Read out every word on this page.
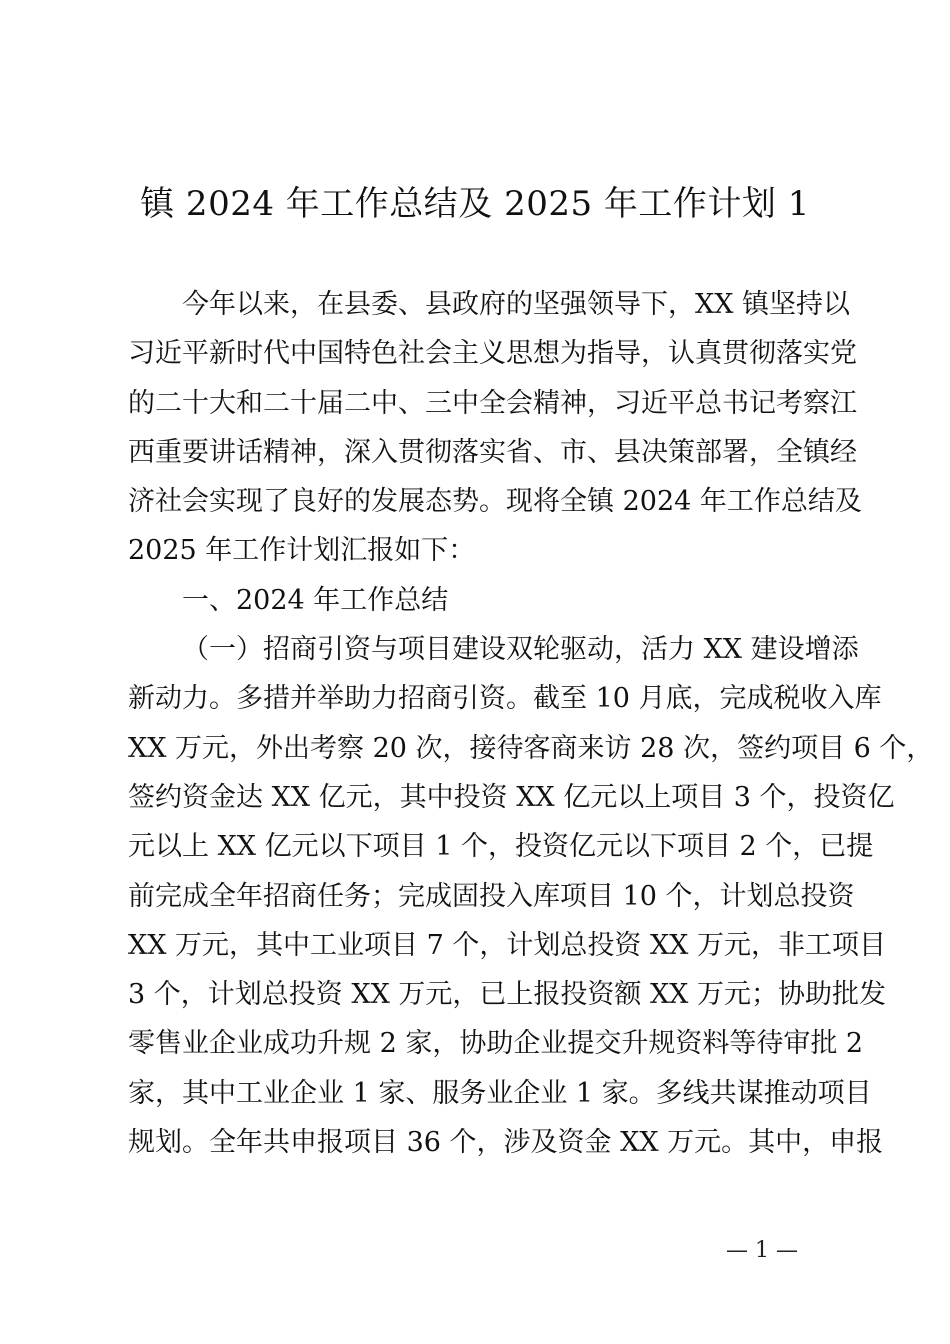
镇 2024 年工作总结及 2025 年工作计划 1
今年以来，在县委、县政府的坚强领导下，XX 镇坚持以
习近平新时代中国特色社会主义思想为指导，认真贯彻落实党
的二十大和二十届二中、三中全会精神，习近平总书记考察江
西重要讲话精神，深入贯彻落实省、市、县决策部署，全镇经
济社会实现了良好的发展态势。现将全镇 2024 年工作总结及
2025 年工作计划汇报如下：
一、2024 年工作总结
（一）招商引资与项目建设双轮驱动，活力 XX 建设增添
新动力。多措并举助力招商引资。截至 10 月底，完成税收入库
XX 万元，外出考察 20 次，接待客商来访 28 次，签约项目 6 个，
签约资金达 XX 亿元，其中投资 XX 亿元以上项目 3 个，投资亿
元以上 XX 亿元以下项目 1 个，投资亿元以下项目 2 个，已提
前完成全年招商任务；完成固投入库项目 10 个，计划总投资
XX 万元，其中工业项目 7 个，计划总投资 XX 万元，非工项目
3 个，计划总投资 XX 万元，已上报投资额 XX 万元；协助批发
零售业企业成功升规 2 家，协助企业提交升规资料等待审批 2
家，其中工业企业 1 家、服务业企业 1 家。多线共谋推动项目
规划。全年共申报项目 36 个，涉及资金 XX 万元。其中，申报
— 1 —
